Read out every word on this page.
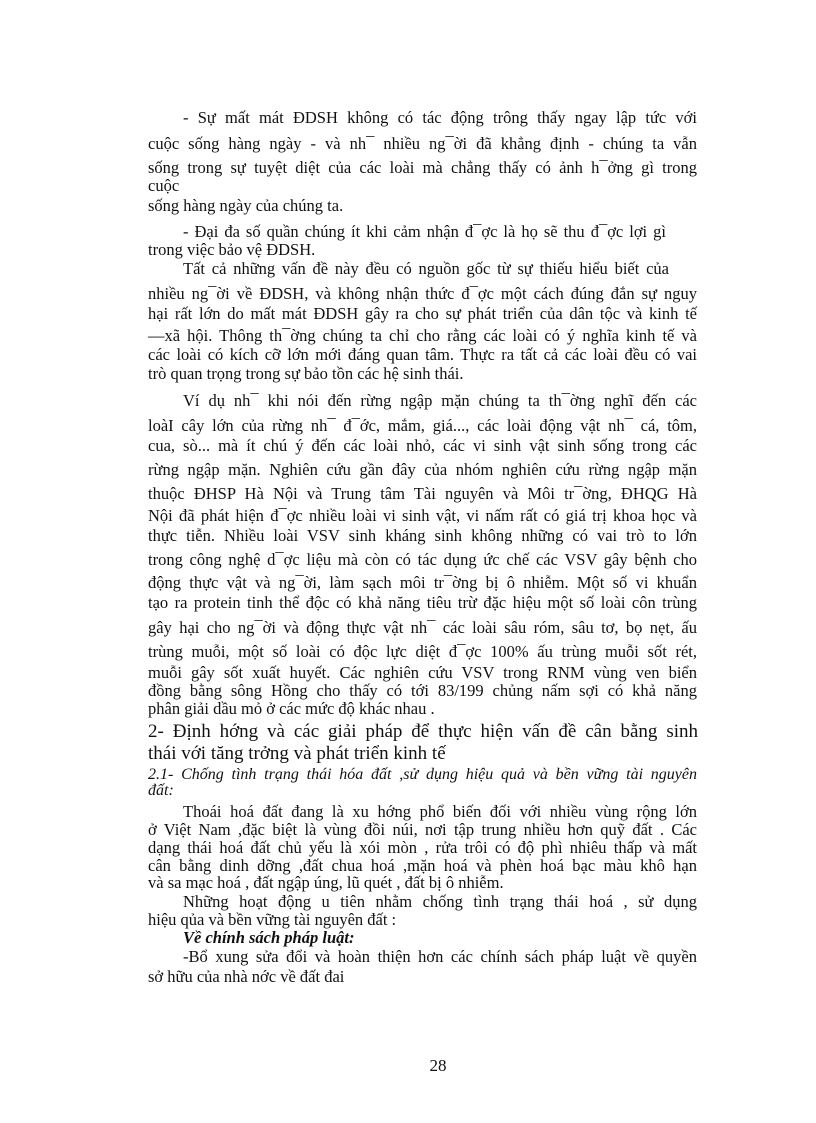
- Sự mất mát ĐDSH không có tác động trông thấy ngay lập tức với

cuộc sống hàng ngày - và nh¯ nhiều ng¯ời đã khẳng định - chúng ta vẫn

sống trong sự tuyệt diệt của các loài mà chẳng thấy có ảnh h¯ởng gì trong

cuộc

sống hàng ngày của chúng ta.

- Đại đa số quần chúng ít khi cảm nhận đ¯ợc là họ sẽ thu đ¯ợc lợi gì

trong việc bảo vệ ĐDSH.

Tất cả những vấn đề này đều có nguồn gốc từ sự thiếu hiểu biết của

nhiều ng¯ời về ĐDSH, và không nhận thức đ¯ợc một cách đúng đắn sự nguy

hại rất lớn do mất mát ĐDSH gây ra cho sự phát triển của dân tộc và kinh tế

—xã hội. Thông th¯ờng chúng ta chỉ cho rằng các loài có ý nghĩa kinh tế và

các loài có kích cỡ lớn mới đáng quan tâm. Thực ra tất cả các loài đều có vai

trò quan trọng trong sự bảo tồn các hệ sinh thái.

Ví dụ nh¯ khi nói đến rừng ngập mặn chúng ta th¯ờng nghĩ đến các

loàI cây lớn của rừng nh¯ đ¯ớc, mắm, giá..., các loài động vật nh¯ cá, tôm,

cua, sò... mà ít chú ý đến các loài nhỏ, các vi sinh vật sinh sống trong các

rừng ngập mặn. Nghiên cứu gần đây của nhóm nghiên cứu rừng ngập mặn

thuộc ĐHSP Hà Nội và Trung tâm Tài nguyên và Môi tr¯ờng, ĐHQG Hà

Nội đã phát hiện đ¯ợc nhiều loài vi sinh vật, vi nấm rất có giá trị khoa học và

thực tiễn. Nhiều loài VSV sinh kháng sinh không những có vai trò to lớn

trong công nghệ d¯ợc liệu mà còn có tác dụng ức chế các VSV gây bệnh cho

động thực vật và ng¯ời, làm sạch môi tr¯ờng bị ô nhiễm. Một số vi khuẩn

tạo ra protein tinh thể độc có khả năng tiêu trừ đặc hiệu một số loài côn trùng

gây hại cho ng¯ời và động thực vật nh¯ các loài sâu róm, sâu tơ, bọ nẹt, ấu

trùng muỗi, một số loài có độc lực diệt đ¯ợc 100% ấu trùng muỗi sốt rét,

muỗi gây sốt xuất huyết. Các nghiên cứu VSV trong RNM vùng ven biển

đồng bằng sông Hồng cho thấy có tới 83/199 chủng nấm sợi có khả năng

phân giải dầu mỏ ở các mức độ khác nhau .

2- Định hớng và các giải pháp để thực hiện vấn đề cân bằng sinh

thái với tăng trởng và phát triển kinh tế

2.1- Chống tình trạng thái hóa đất ,sử dụng hiệu quả và bền vững tài nguyên

đất:

Thoái hoá đất đang là xu hớng phổ biến đối với nhiều vùng rộng lớn

ở Việt Nam ,đặc biệt là vùng đồi núi, nơi tập trung nhiều hơn quỹ đất . Các

dạng thái hoá đất chủ yếu là xói mòn , rửa trôi có độ phì nhiêu thấp và mất

cân bằng dinh dỡng ,đất chua hoá ,mặn hoá và phèn hoá bạc màu khô hạn

và sa mạc hoá , đất ngập úng, lũ quét , đất bị ô nhiễm.

Những hoạt động u tiên nhằm chống tình trạng thái hoá , sử dụng

hiệu qủa và bền vững tài nguyên đất :

Về chính sách pháp luật:

-Bổ xung sửa đổi và hoàn thiện hơn các chính sách pháp luật về quyền

sở hữu của nhà nớc về đất đai

28
